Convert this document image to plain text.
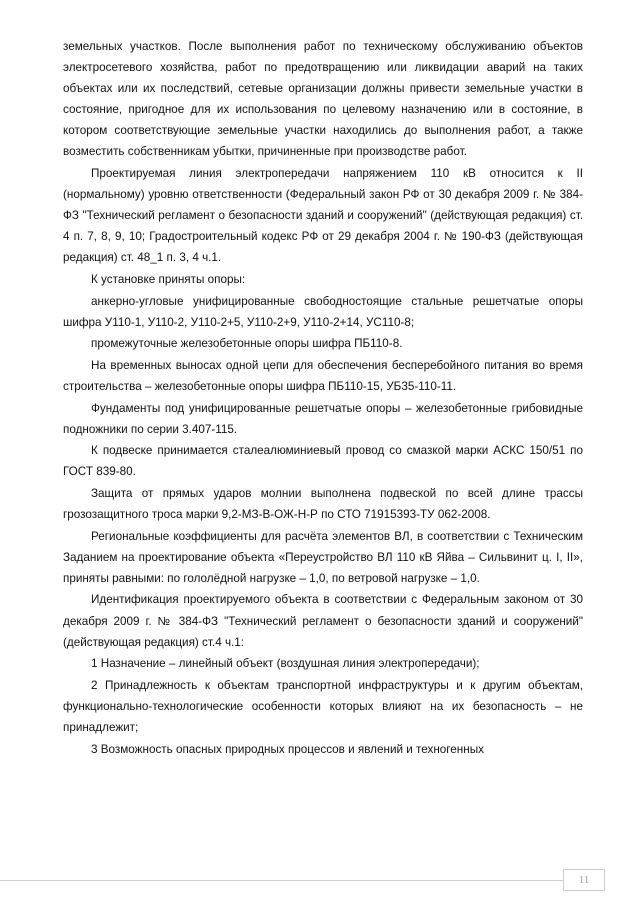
земельных участков. После выполнения работ по техническому обслуживанию объектов электросетевого хозяйства, работ по предотвращению или ликвидации аварий на таких объектах или их последствий, сетевые организации должны привести земельные участки в состояние, пригодное для их использования по целевому назначению или в состояние, в котором соответствующие земельные участки находились до выполнения работ, а также возместить собственникам убытки, причиненные при производстве работ.

Проектируемая линия электропередачи напряжением 110 кВ относится к II (нормальному) уровню ответственности (Федеральный закон РФ от 30 декабря 2009 г. № 384-ФЗ "Технический регламент о безопасности зданий и сооружений" (действующая редакция) ст. 4 п. 7, 8, 9, 10; Градостроительный кодекс РФ от 29 декабря 2004 г. № 190-ФЗ (действующая редакция) ст. 48_1 п. 3, 4 ч.1.

К установке приняты опоры:

анкерно-угловые унифицированные свободностоящие стальные решетчатые опоры шифра У110-1, У110-2, У110-2+5, У110-2+9, У110-2+14, УС110-8;

промежуточные железобетонные опоры шифра ПБ110-8.

На временных выносах одной цепи для обеспечения бесперебойного питания во время строительства – железобетонные опоры шифра ПБ110-15, УБ35-110-11.

Фундаменты под унифицированные решетчатые опоры – железобетонные грибовидные подножники по серии 3.407-115.

К подвеске принимается сталеалюминиевый провод со смазкой марки АСКС 150/51 по ГОСТ 839-80.

Защита от прямых ударов молнии выполнена подвеской по всей длине трассы грозозащитного троса марки 9,2-МЗ-В-ОЖ-Н-Р по СТО 71915393-ТУ 062-2008.

Региональные коэффициенты для расчёта элементов ВЛ, в соответствии с Техническим Заданием на проектирование объекта «Переустройство ВЛ 110 кВ Яйва – Сильвинит ц. I, II», приняты равными: по гололёдной нагрузке – 1,0, по ветровой нагрузке – 1,0.

Идентификация проектируемого объекта в соответствии с Федеральным законом от 30 декабря 2009 г. № 384-ФЗ "Технический регламент о безопасности зданий и сооружений" (действующая редакция) ст.4 ч.1:

1 Назначение – линейный объект (воздушная линия электропередачи);

2 Принадлежность к объектам транспортной инфраструктуры и к другим объектам, функционально-технологические особенности которых влияют на их безопасность – не принадлежит;

3 Возможность опасных природных процессов и явлений и техногенных

11
